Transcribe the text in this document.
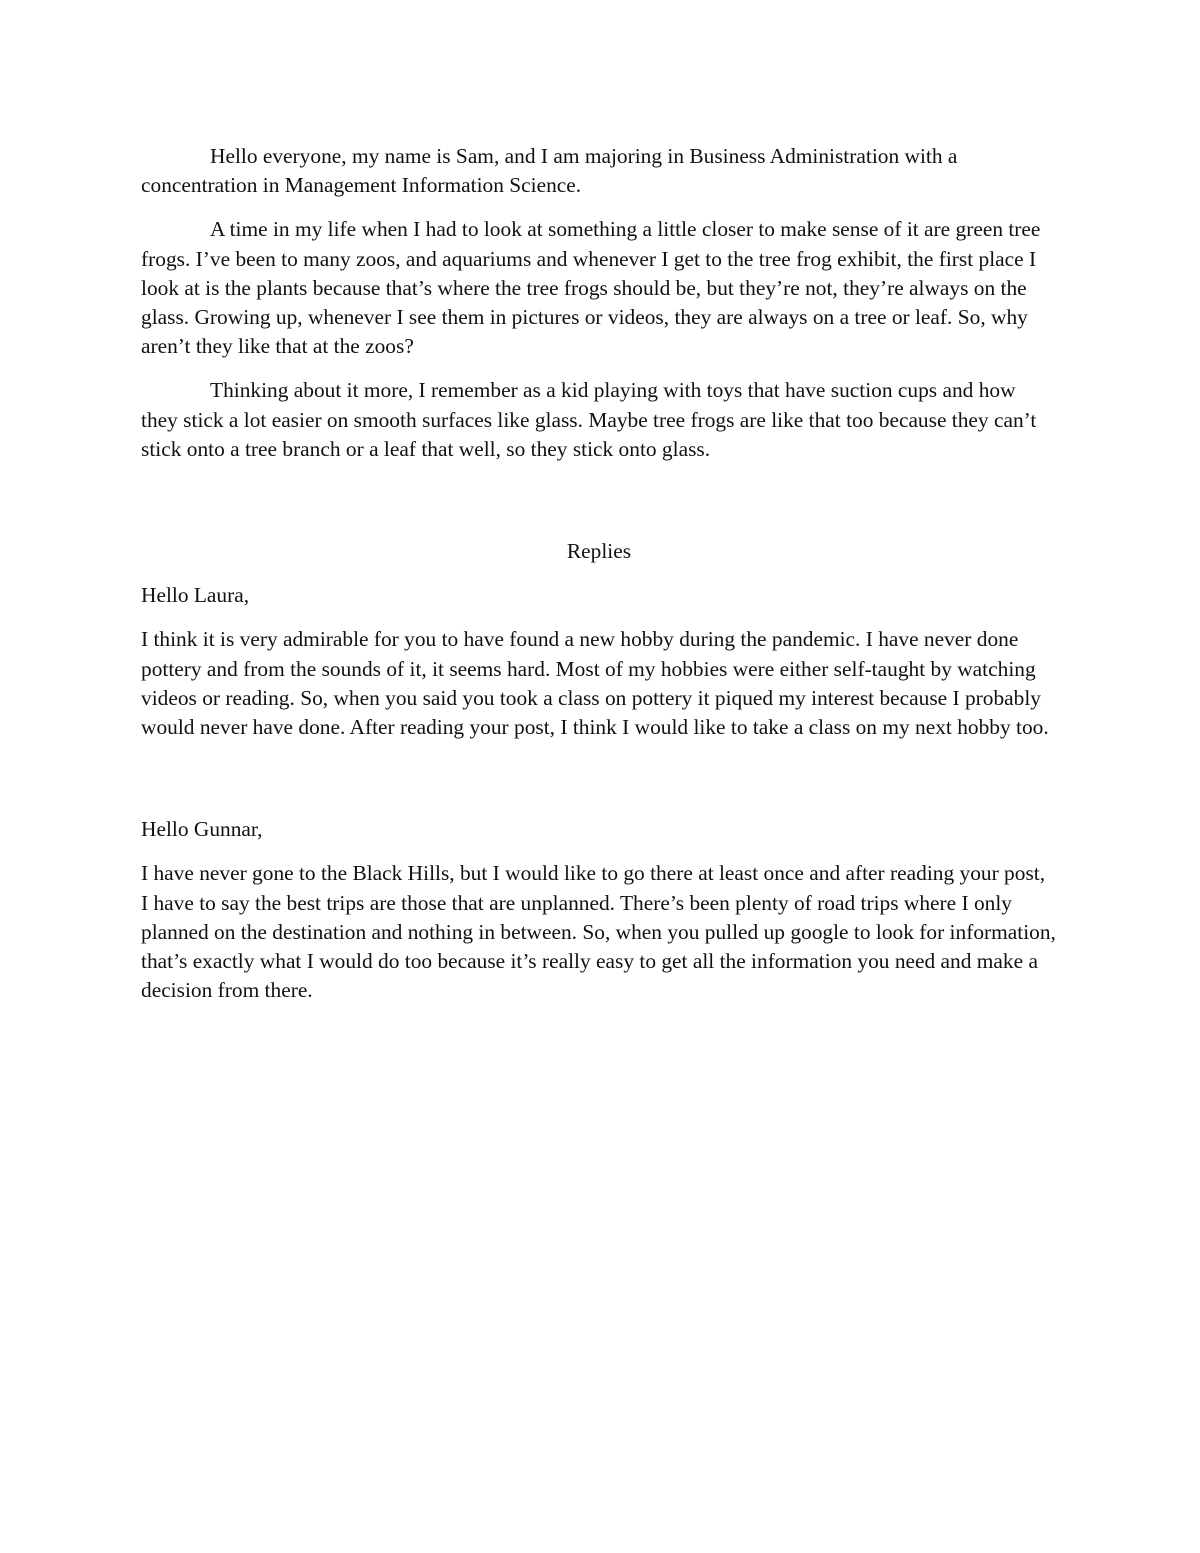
Hello everyone, my name is Sam, and I am majoring in Business Administration with a concentration in Management Information Science.

A time in my life when I had to look at something a little closer to make sense of it are green tree frogs. I’ve been to many zoos, and aquariums and whenever I get to the tree frog exhibit, the first place I look at is the plants because that’s where the tree frogs should be, but they’re not, they’re always on the glass. Growing up, whenever I see them in pictures or videos, they are always on a tree or leaf. So, why aren’t they like that at the zoos?

Thinking about it more, I remember as a kid playing with toys that have suction cups and how they stick a lot easier on smooth surfaces like glass. Maybe tree frogs are like that too because they can’t stick onto a tree branch or a leaf that well, so they stick onto glass.

Replies

Hello Laura,

I think it is very admirable for you to have found a new hobby during the pandemic. I have never done pottery and from the sounds of it, it seems hard. Most of my hobbies were either self-taught by watching videos or reading. So, when you said you took a class on pottery it piqued my interest because I probably would never have done. After reading your post, I think I would like to take a class on my next hobby too.

Hello Gunnar,

I have never gone to the Black Hills, but I would like to go there at least once and after reading your post, I have to say the best trips are those that are unplanned. There’s been plenty of road trips where I only planned on the destination and nothing in between. So, when you pulled up google to look for information, that’s exactly what I would do too because it’s really easy to get all the information you need and make a decision from there.
